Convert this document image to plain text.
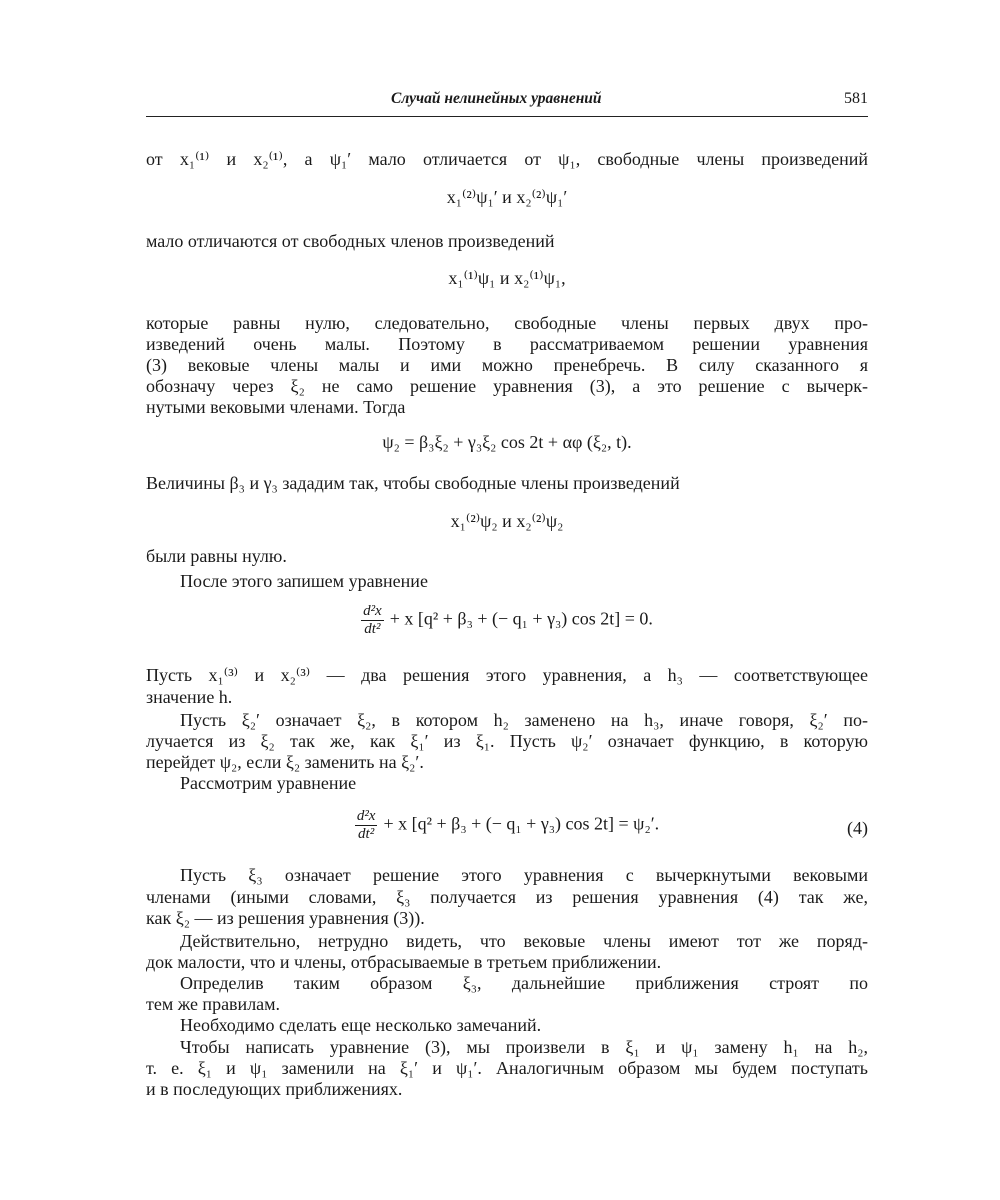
Случай нелинейных уравнений	581
от x₁⁽¹⁾ и x₂⁽¹⁾, а ψ₁′ мало отличается от ψ₁, свободные члены произведений
x₁⁽²⁾ψ₁′ и x₂⁽²⁾ψ₁′
мало отличаются от свободных членов произведений
x₁⁽¹⁾ψ₁ и x₂⁽¹⁾ψ₁,
которые равны нулю, следовательно, свободные члены первых двух про-
изведений очень малы. Поэтому в рассматриваемом решении уравнения
(3) вековые члены малы и ими можно пренебречь. В силу сказанного я
обозначу через ξ₂ не само решение уравнения (3), а это решение с вычерк-
нутыми вековыми членами. Тогда
ψ₂ = β₃ξ₂ + γ₃ξ₂ cos 2t + αφ (ξ₂, t).
Величины β₃ и γ₃ зададим так, чтобы свободные члены произведений
x₁⁽²⁾ψ₂ и x₂⁽²⁾ψ₂
были равны нулю.
После этого запишем уравнение
$\frac{\text{d²x}}{\text{dt²}} + x$ [q² + β₃ + (− q₁ + γ₃) cos 2t] = 0.
Пусть x₁⁽³⁾ и x₂⁽³⁾ — два решения этого уравнения, а h₃ — соответствующее
значение h.
Пусть ξ₂′ означает ξ₂, в котором h₂ заменено на h₃, иначе говоря, ξ₂′ по-
лучается из ξ₂ так же, как ξ₁′ из ξ₁. Пусть ψ₂′ означает функцию, в которую
перейдет ψ₂, если ξ₂ заменить на ξ₂′.
Рассмотрим уравнение
$\frac{\text{d²x}}{\text{dt²}} + x$ [q² + β₃ + (− q₁ + γ₃) cos 2t] = ψ₂′.	(4)
Пусть ξ₃ означает решение этого уравнения с вычеркнутыми вековыми
членами (иными словами, ξ₃ получается из решения уравнения (4) так же,
как ξ₂ — из решения уравнения (3)).
Действительно, нетрудно видеть, что вековые члены имеют тот же поряд-
док малости, что и члены, отбрасываемые в третьем приближении.
Определив таким образом ξ₃, дальнейшие приближения строят по
тем же правилам.
Необходимо сделать еще несколько замечаний.
Чтобы написать уравнение (3), мы произвели в ξ₁ и ψ₁ замену h₁ на h₂,
т. е. ξ₁ и ψ₁ заменили на ξ₁′ и ψ₁′. Аналогичным образом мы будем поступать
и в последующих приближениях.
